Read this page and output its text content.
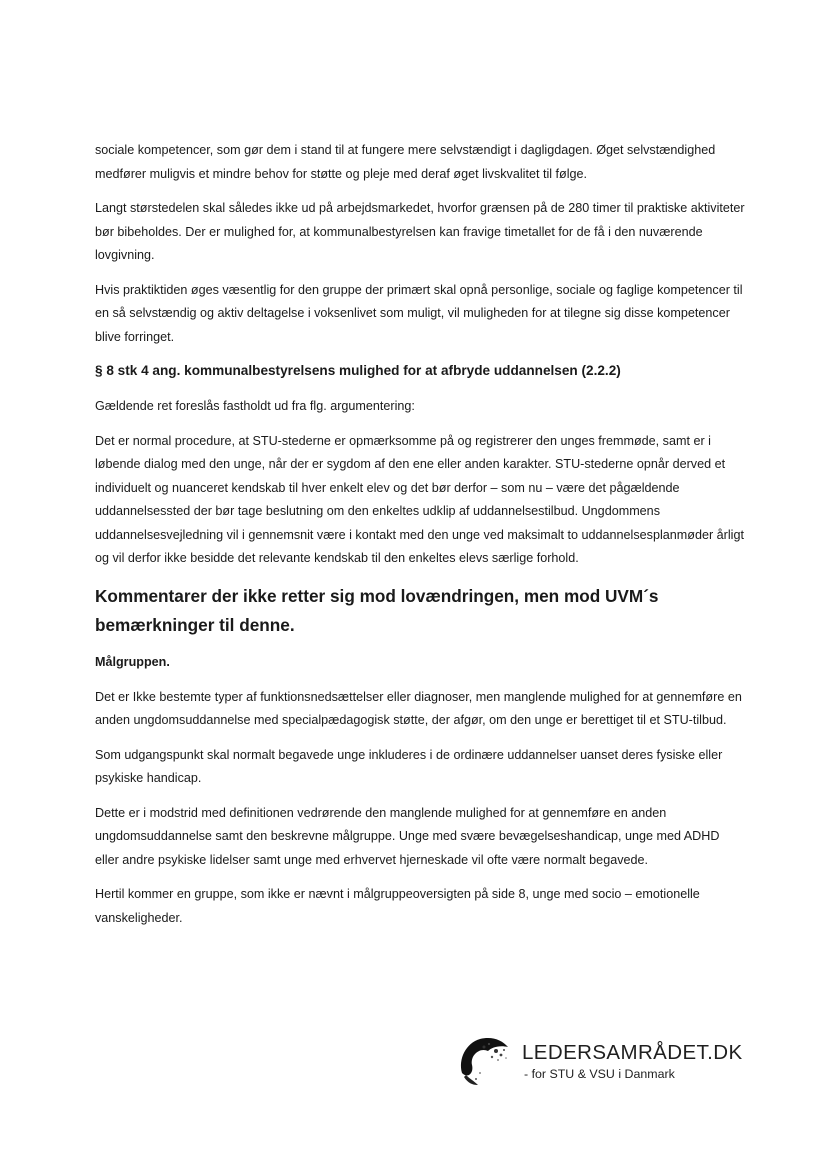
sociale kompetencer, som gør dem i stand til at fungere mere selvstændigt i dagligdagen. Øget selvstændighed medfører muligvis et mindre behov for støtte og pleje med deraf øget livskvalitet til følge.

Langt størstedelen skal således ikke ud på arbejdsmarkedet, hvorfor grænsen på de 280 timer til praktiske aktiviteter bør bibeholdes. Der er mulighed for, at kommunalbestyrelsen kan fravige timetallet for de få i den nuværende lovgivning.

Hvis praktiktiden øges væsentlig for den gruppe der primært skal opnå personlige, sociale og faglige kompetencer til en så selvstændig og aktiv deltagelse i voksenlivet som muligt, vil muligheden for at tilegne sig disse kompetencer blive forringet.

§ 8 stk 4 ang. kommunalbestyrelsens mulighed for at afbryde uddannelsen (2.2.2)

Gældende ret foreslås fastholdt ud fra flg. argumentering:

Det er normal procedure, at STU-stederne er opmærksomme på og registrerer den unges fremmøde, samt er i løbende dialog med den unge, når der er sygdom af den ene eller anden karakter. STU-stederne opnår derved et individuelt og nuanceret kendskab til hver enkelt elev og det bør derfor – som nu – være det pågældende uddannelsessted der bør tage beslutning om den enkeltes udklip af uddannelsestilbud. Ungdommens uddannelsesvejledning vil i gennemsnit være i kontakt med den unge ved maksimalt to uddannelsesplanmøder årligt og vil derfor ikke besidde det relevante kendskab til den enkeltes elevs særlige forhold.

Kommentarer der ikke retter sig mod lovændringen, men mod UVM´s bemærkninger til denne.
Målgruppen.

Det er Ikke bestemte typer af funktionsnedsættelser eller diagnoser, men manglende mulighed for at gennemføre en anden ungdomsuddannelse med specialpædagogisk støtte, der afgør, om den unge er berettiget til et STU-tilbud.

Som udgangspunkt skal normalt begavede unge inkluderes i de ordinære uddannelser uanset deres fysiske eller psykiske handicap.

Dette er i modstrid med definitionen vedrørende den manglende mulighed for at gennemføre en anden ungdomsuddannelse samt den beskrevne målgruppe. Unge med svære bevægelseshandicap, unge med ADHD eller andre psykiske lidelser samt unge med erhvervet hjerneskade vil ofte være normalt begavede.

Hertil kommer en gruppe, som ikke er nævnt i målgruppeoversigten på side 8, unge med socio – emotionelle vanskeligheder.

LEDERSAMRÅDET.DK
- for STU & VSU i Danmark
